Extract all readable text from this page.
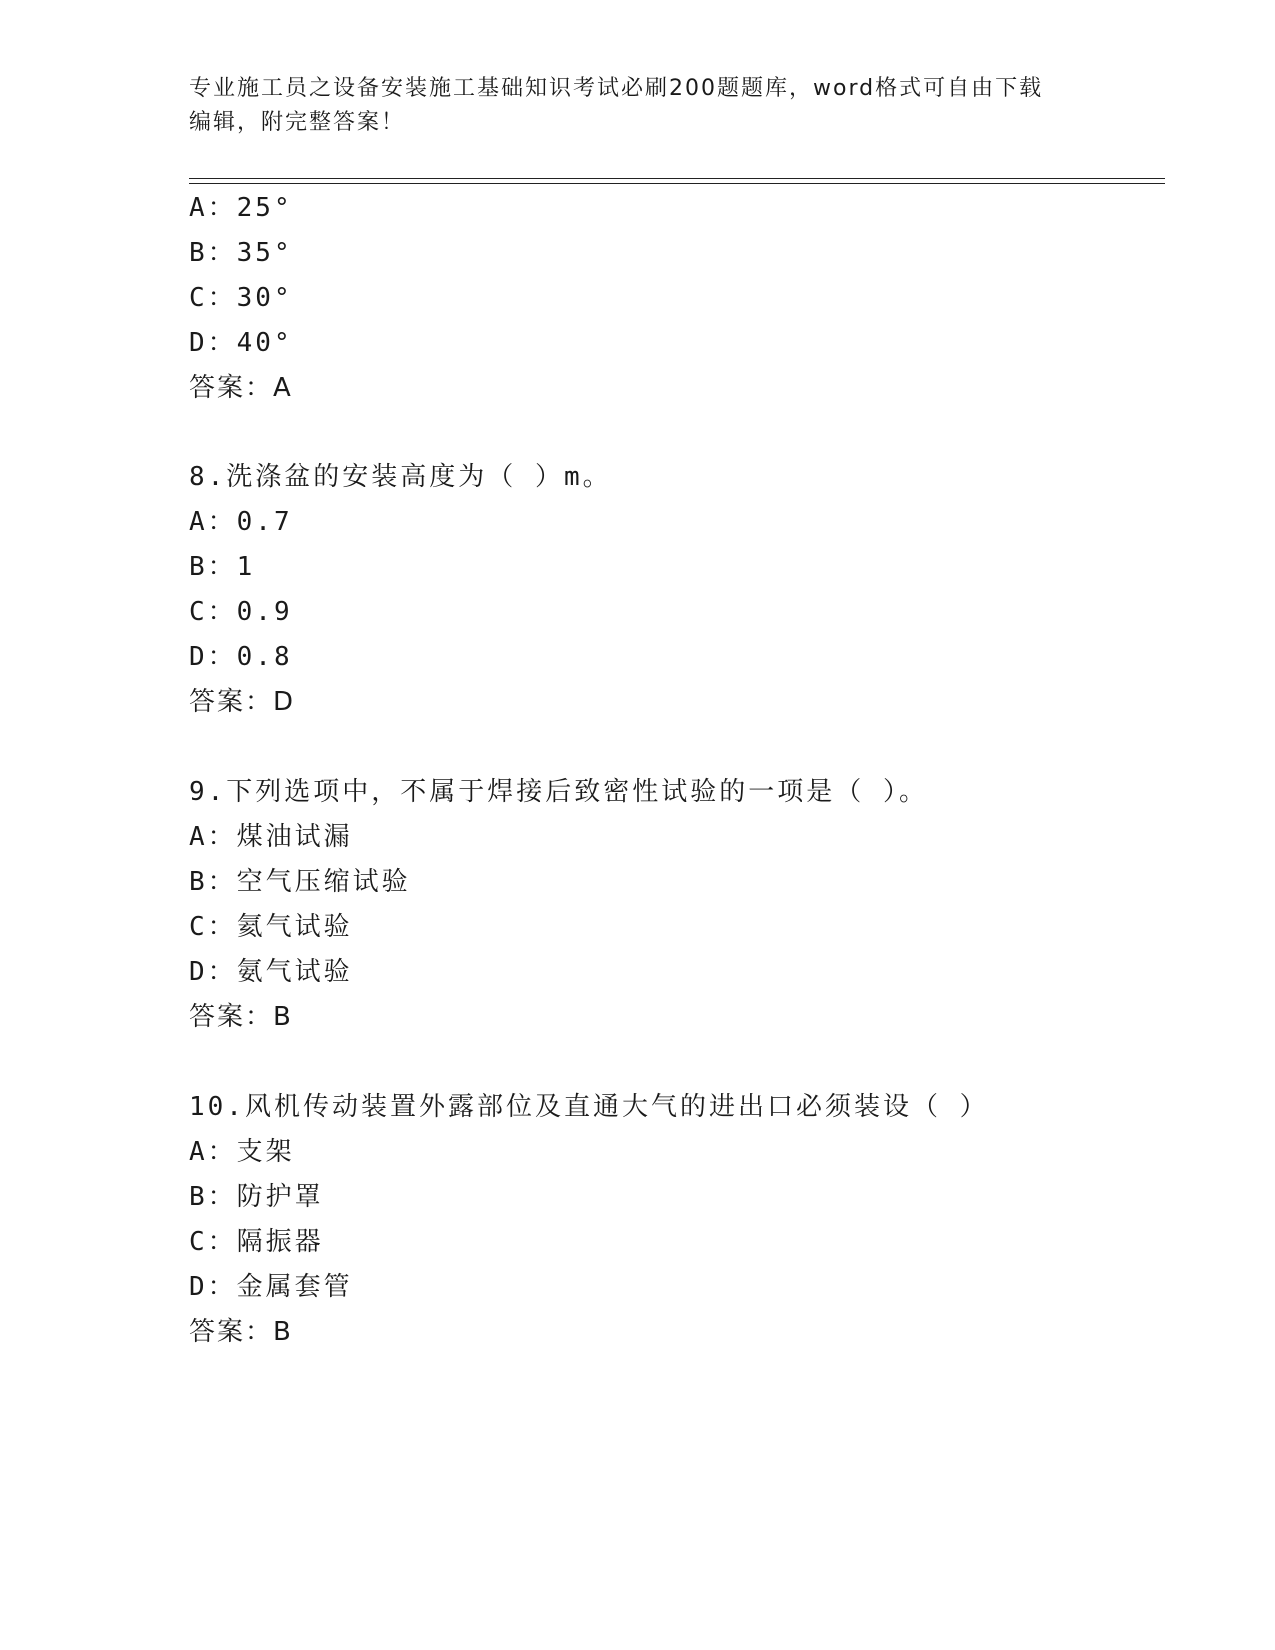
专业施工员之设备安装施工基础知识考试必刷200题题库，word格式可自由下载
编辑，附完整答案！
A：25°
B：35°
C：30°
D：40°
答案：A
8.洗涤盆的安装高度为（ ）m。
A：0.7
B：1
C：0.9
D：0.8
答案：D
9.下列选项中，不属于焊接后致密性试验的一项是（ ）。
A：煤油试漏
B：空气压缩试验
C：氦气试验
D：氨气试验
答案：B
10.风机传动装置外露部位及直通大气的进出口必须装设（ ）
A：支架
B：防护罩
C：隔振器
D：金属套管
答案：B
